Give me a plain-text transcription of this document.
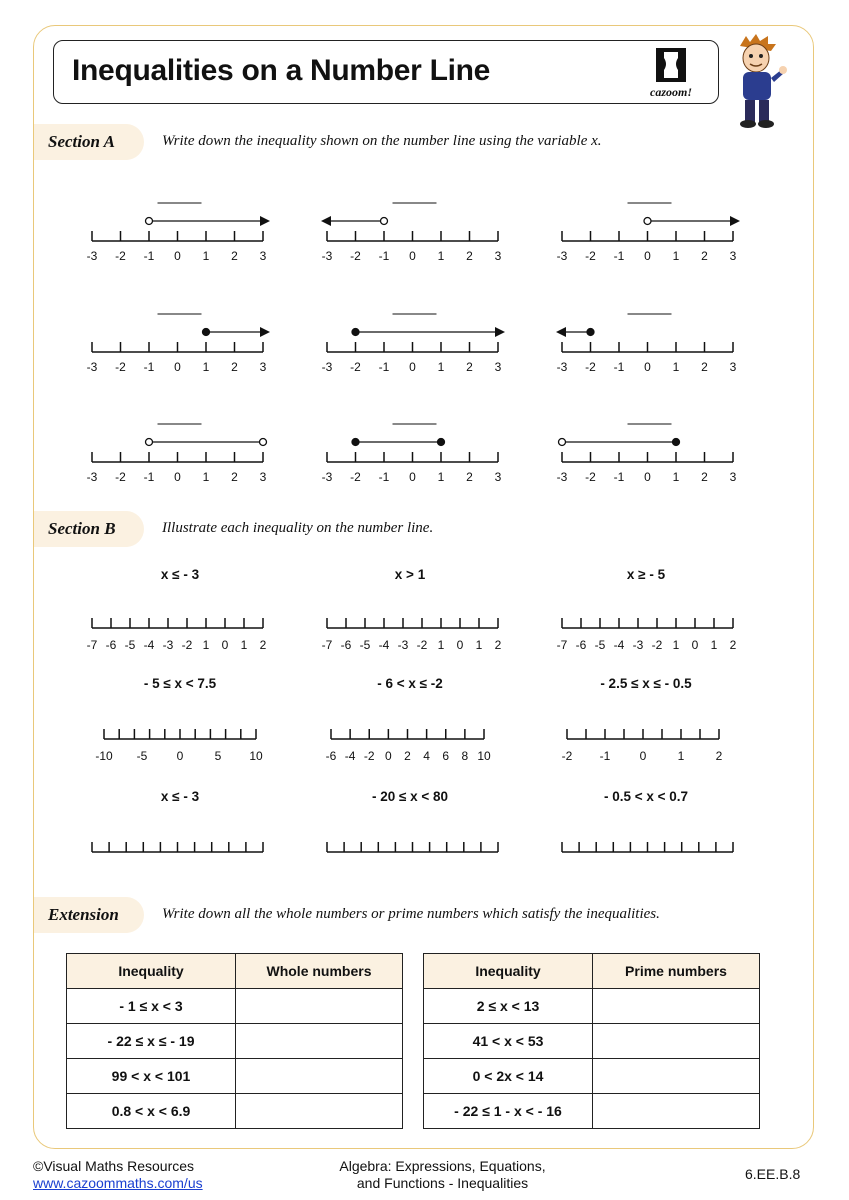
Inequalities on a Number Line
cazoom!
Section A	Write down the inequality shown on the number line using the variable x.
Section B	Illustrate each inequality on the number line.
x ≤ - 3	x > 1	x ≥ - 5
- 5 ≤ x < 7.5	- 6 < x ≤ -2	- 2.5 ≤ x ≤ - 0.5
x ≤ - 3	- 20 ≤ x < 80	- 0.5 < x < 0.7
Extension	Write down all the whole numbers or prime numbers which satisfy the inequalities.
Inequality	Whole numbers
- 1 ≤ x < 3	
- 22 ≤ x ≤ - 19	
99 < x < 101	
0.8 < x < 6.9	
Inequality	Prime numbers
2 ≤ x < 13	
41 < x < 53	
0 < 2x < 14	
- 22 ≤ 1 - x < - 16	
-3 -2 -1 0 1 2 3	-3 -2 -1 0 1 2 3	-3 -2 -1 0 1 2 3
-3 -2 -1 0 1 2 3	-3 -2 -1 0 1 2 3	-3 -2 -1 0 1 2 3
-3 -2 -1 0 1 2 3	-3 -2 -1 0 1 2 3	-3 -2 -1 0 1 2 3
-7 -6 -5 -4 -3 -2 1 0 1 2	-7 -6 -5 -4 -3 -2 1 0 1 2	-7 -6 -5 -4 -3 -2 1 0 1 2
-10 -5 0	5 10	-6 -4 -2 0 2 4 6 8 10	-2 -1 0	1	2
©Visual Maths Resources
www.cazoommaths.com/us
Algebra: Expressions, Equations,
and Functions - Inequalities
6.EE.B.8
